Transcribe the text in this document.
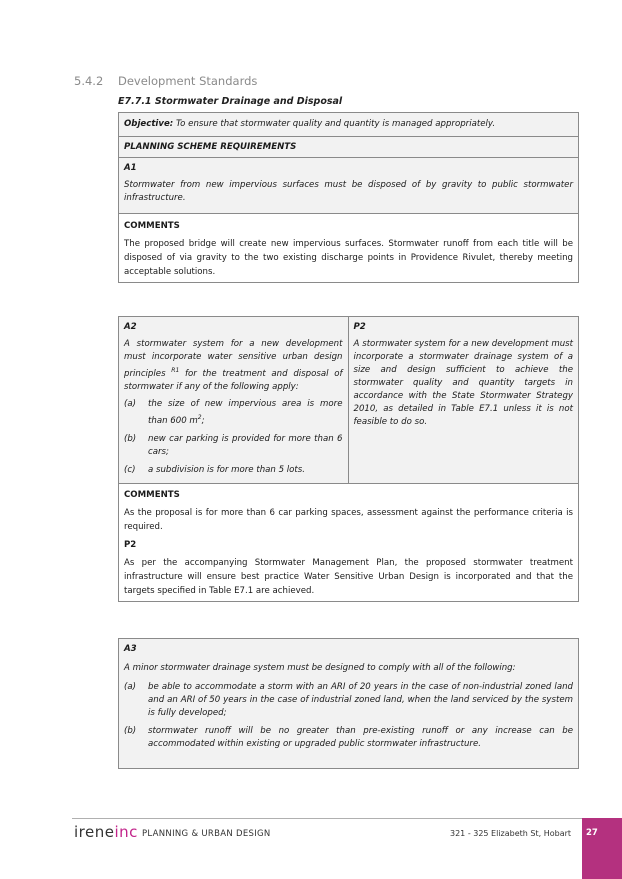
5.4.2 Development Standards
E7.7.1 Stormwater Drainage and Disposal
Objective: To ensure that stormwater quality and quantity is managed appropriately.
PLANNING SCHEME REQUIREMENTS
A1
Stormwater from new impervious surfaces must be disposed of by gravity to public stormwater infrastructure.
COMMENTS
The proposed bridge will create new impervious surfaces. Stormwater runoff from each title will be disposed of via gravity to the two existing discharge points in Providence Rivulet, thereby meeting acceptable solutions.
A2
A stormwater system for a new development must incorporate water sensitive urban design principles $^{R1}$ for the treatment and disposal of stormwater if any of the following apply:
(a)	the size of new impervious area is more than 600 $m^2$;
(b)	new car parking is provided for more than 6 cars;
(c)	a subdivision is for more than 5 lots.
P2
A stormwater system for a new development must incorporate a stormwater drainage system of a size and design sufficient to achieve the stormwater quality and quantity targets in accordance with the State Stormwater Strategy 2010, as detailed in Table E7.1 unless it is not feasible to do so.
COMMENTS
As the proposal is for more than 6 car parking spaces, assessment against the performance criteria is required.
P2
As per the accompanying Stormwater Management Plan, the proposed stormwater treatment infrastructure will ensure best practice Water Sensitive Urban Design is incorporated and that the targets specified in Table E7.1 are achieved.
A3
A minor stormwater drainage system must be designed to comply with all of the following:
(a)	be able to accommodate a storm with an ARI of 20 years in the case of non-industrial zoned land and an ARI of 50 years in the case of industrial zoned land, when the land serviced by the system is fully developed;
(b)	stormwater runoff will be no greater than pre-existing runoff or any increase can be accommodated within existing or upgraded public stormwater infrastructure.
ireneinc PLANNING & URBAN DESIGN	321 - 325 Elizabeth St, Hobart 27
